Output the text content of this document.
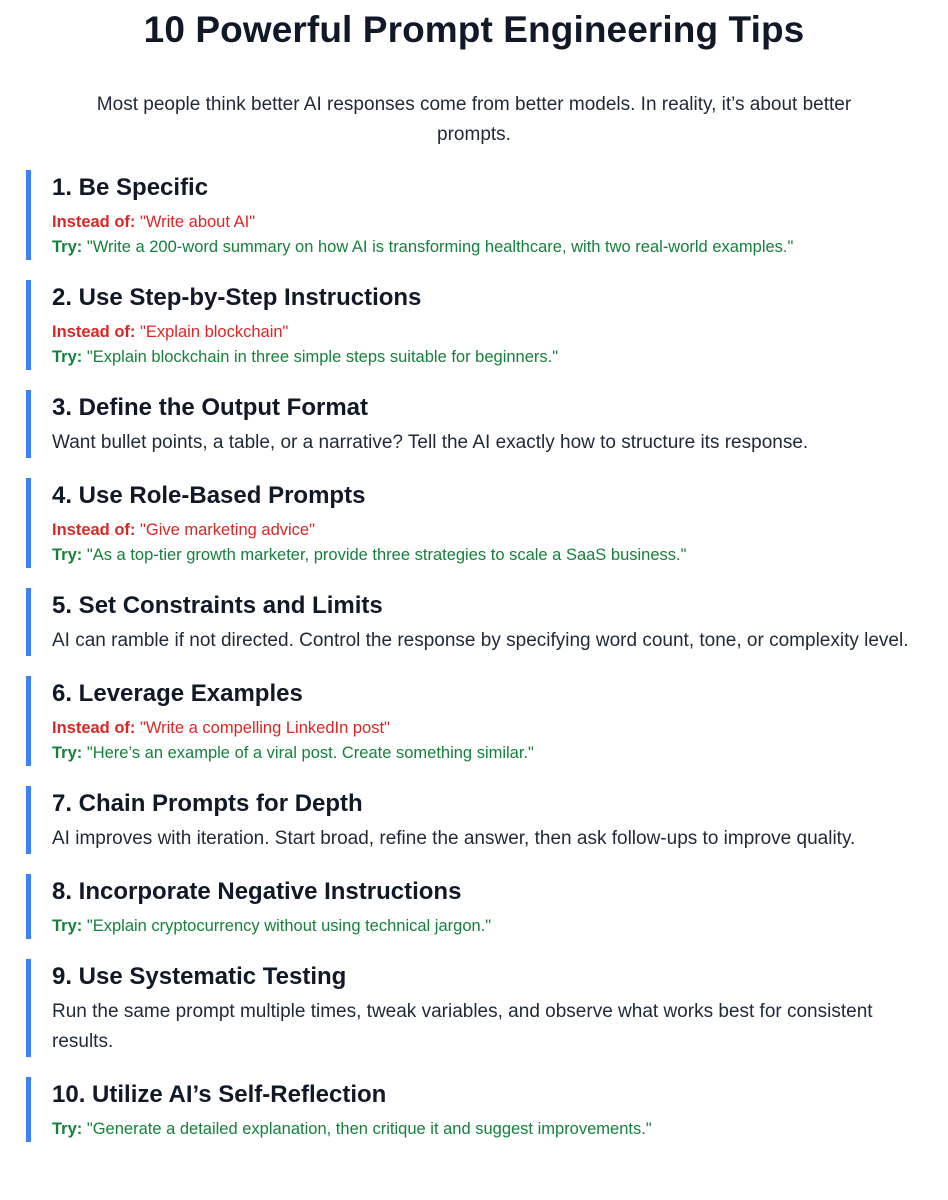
10 Powerful Prompt Engineering Tips

Most people think better AI responses come from better models. In reality, it’s about better prompts.

1. Be Specific

Instead of: "Write about AI"

Try: "Write a 200-word summary on how AI is transforming healthcare, with two real-world examples."

2. Use Step-by-Step Instructions

Instead of: "Explain blockchain"

Try: "Explain blockchain in three simple steps suitable for beginners."

3. Define the Output Format

Want bullet points, a table, or a narrative? Tell the AI exactly how to structure its response.

4. Use Role-Based Prompts

Instead of: "Give marketing advice"

Try: "As a top-tier growth marketer, provide three strategies to scale a SaaS business."

5. Set Constraints and Limits

AI can ramble if not directed. Control the response by specifying word count, tone, or complexity level.

6. Leverage Examples

Instead of: "Write a compelling LinkedIn post"

Try: "Here’s an example of a viral post. Create something similar."

7. Chain Prompts for Depth

AI improves with iteration. Start broad, refine the answer, then ask follow-ups to improve quality.

8. Incorporate Negative Instructions

Try: "Explain cryptocurrency without using technical jargon."

9. Use Systematic Testing

Run the same prompt multiple times, tweak variables, and observe what works best for consistent results.

10. Utilize AI’s Self-Reflection

Try: "Generate a detailed explanation, then critique it and suggest improvements."
